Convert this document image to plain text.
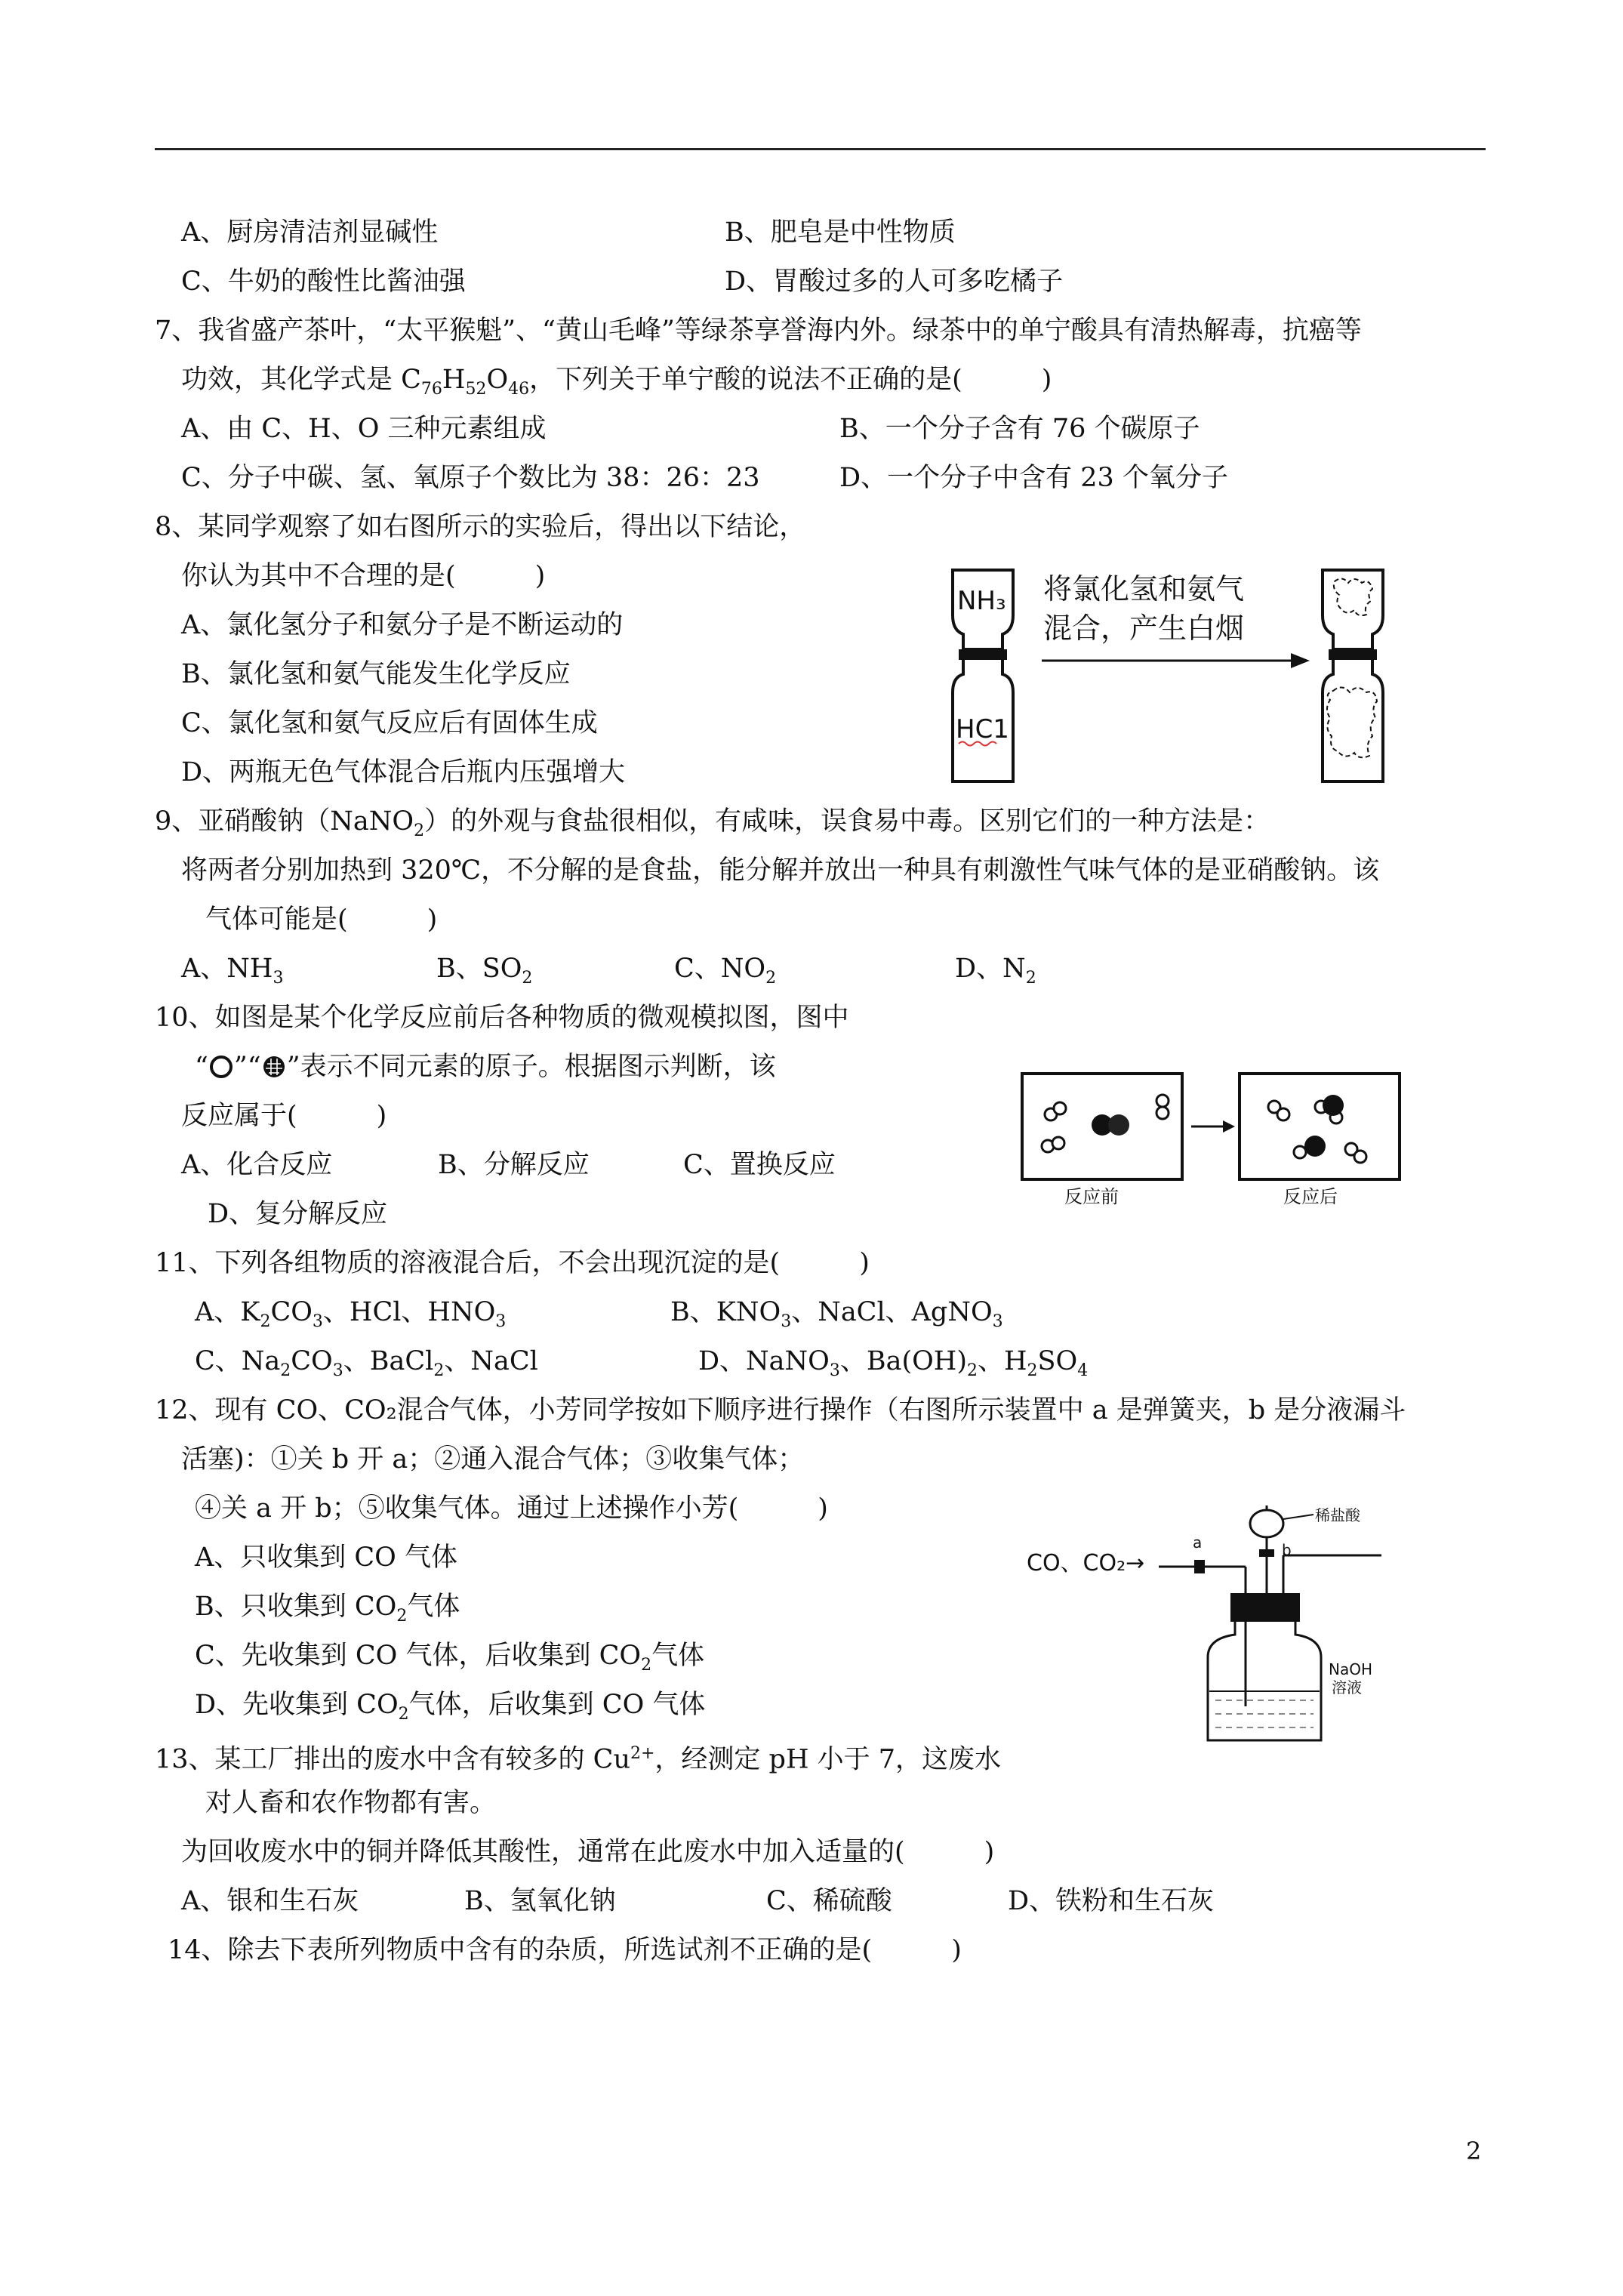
A、厨房清洁剂显碱性	B、肥皂是中性物质
C、牛奶的酸性比酱油强	D、胃酸过多的人可多吃橘子
7、我省盛产茶叶，“太平猴魁”、“黄山毛峰”等绿茶享誉海内外。绿茶中的单宁酸具有清热解毒，抗癌等
功效，其化学式是 $C_{76}H_{52}O_{46}$，下列关于单宁酸的说法不正确的是(　　　)
A、由 C、H、O 三种元素组成	B、一个分子含有 76 个碳原子
C、分子中碳、氢、氧原子个数比为 38：26：23	D、一个分子中含有 23 个氧分子
8、某同学观察了如右图所示的实验后，得出以下结论，
你认为其中不合理的是(　　　)
A、氯化氢分子和氨分子是不断运动的
B、氯化氢和氨气能发生化学反应
C、氯化氢和氨气反应后有固体生成
D、两瓶无色气体混合后瓶内压强增大
NH₃
HC1
将氯化氢和氨气
混合，产生白烟
9、亚硝酸钠（NaNO$_2$）的外观与食盐很相似，有咸味，误食易中毒。区别它们的一种方法是：
将两者分别加热到 320℃，不分解的是食盐，能分解并放出一种具有刺激性气味气体的是亚硝酸钠。该
气体可能是(　　　)
A、$NH_3$	B、$SO_2$	C、$NO_2$	D、$N_2$
10、如图是某个化学反应前后各种物质的微观模拟图，图中
“ ”“ ”表示不同元素的原子。根据图示判断，该
反应属于(　　　)
A、化合反应	B、分解反应	C、置换反应
D、复分解反应
反应前	反应后
11、下列各组物质的溶液混合后，不会出现沉淀的是(　　　)
A、$K_2CO_3$、HCl、$HNO_3$	B、$KNO_3$、NaCl、AgNO$_3$
C、$Na_2CO_3$、BaCl$_2$、NaCl	D、NaNO$_3$、$Ba(OH)_2$、$H_2SO_4$
12、现有 CO、CO₂混合气体，小芳同学按如下顺序进行操作（右图所示装置中 a 是弹簧夹，b 是分液漏斗
活塞)：①关 b 开 a；②通入混合气体；③收集气体；
④关 a 开 b；⑤收集气体。通过上述操作小芳(　　　)
A、只收集到 CO 气体
B、只收集到 $CO_2$气体
C、先收集到 CO 气体，后收集到 $CO_2$气体
D、先收集到 $CO_2$气体，后收集到 CO 气体
CO、CO₂→
稀盐酸
b
a
NaOH
溶液
13、某工厂排出的废水中含有较多的 $Cu^{2+}$，经测定 pH 小于 7，这废水
对人畜和农作物都有害。
为回收废水中的铜并降低其酸性，通常在此废水中加入适量的(　　　)
A、银和生石灰	B、氢氧化钠	C、稀硫酸	D、铁粉和生石灰
14、除去下表所列物质中含有的杂质，所选试剂不正确的是(　　　)
2
